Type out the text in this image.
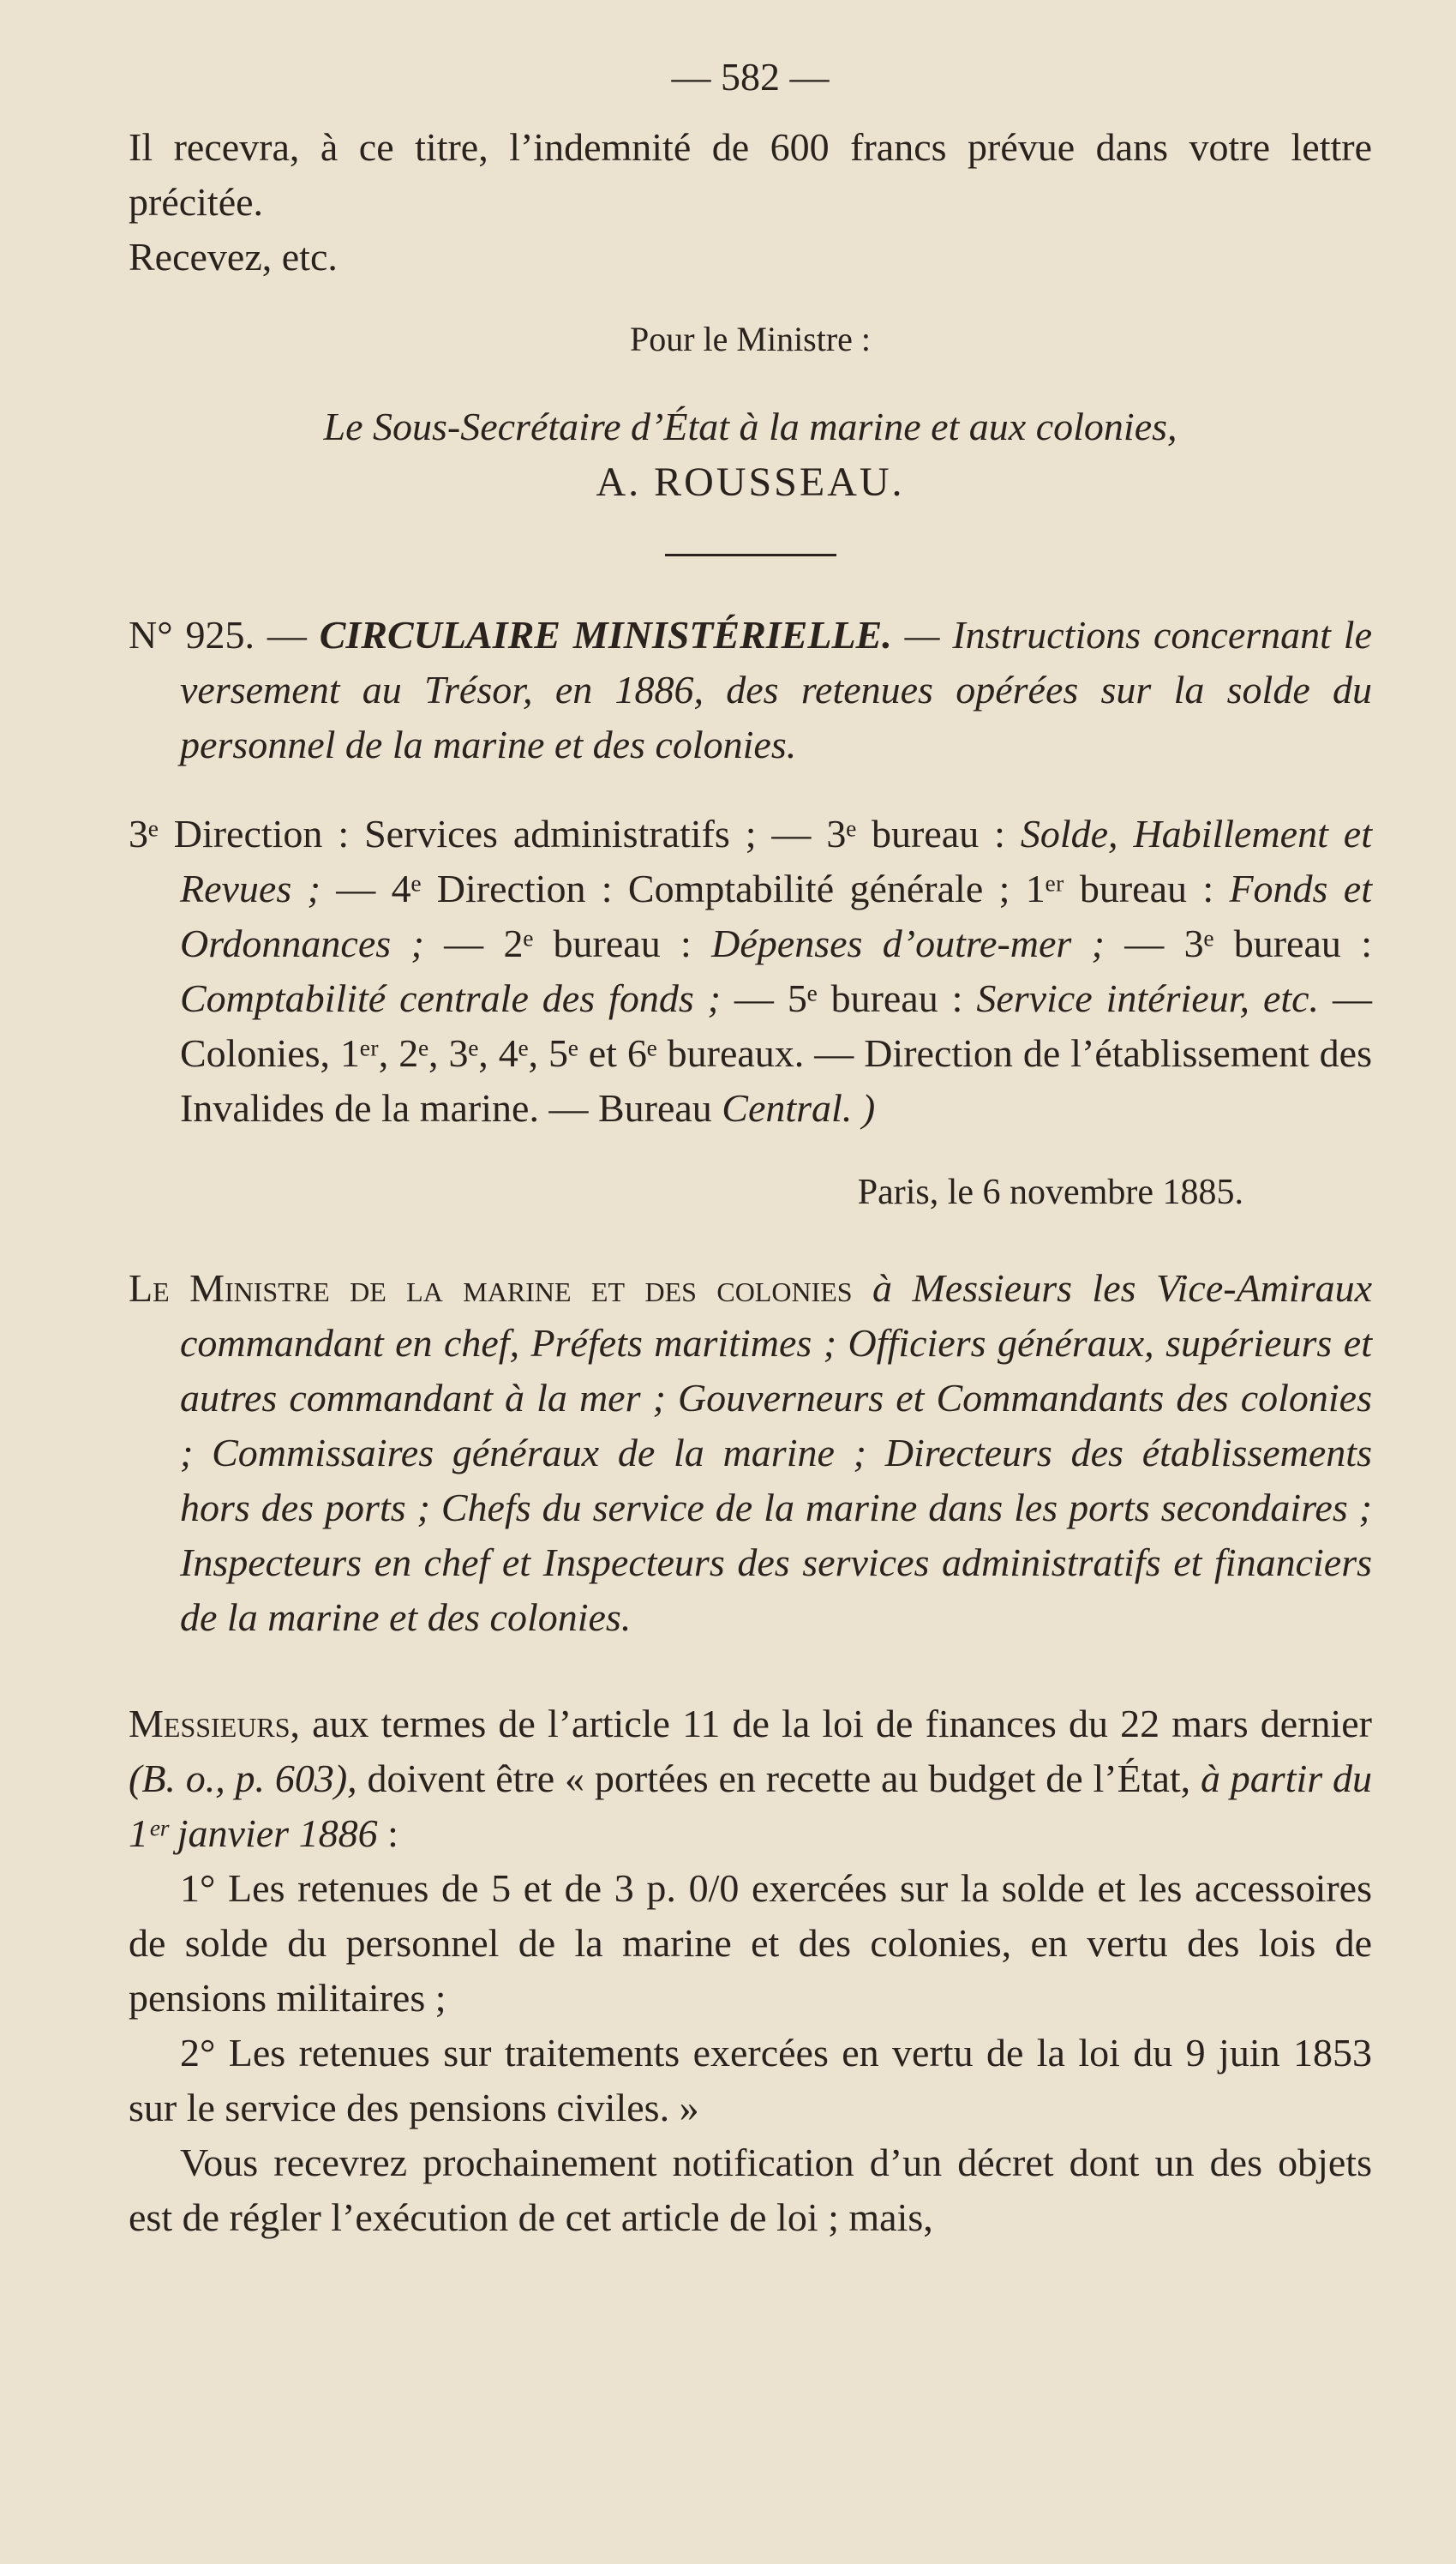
— 582 —

Il recevra, à ce titre, l’indemnité de 600 francs prévue dans votre lettre précitée.

Recevez, etc.

Pour le Ministre :

Le Sous-Secrétaire d’État à la marine et aux colonies,

A. ROUSSEAU.

N° 925. — CIRCULAIRE MINISTÉRIELLE. — Instructions concernant le versement au Trésor, en 1886, des retenues opérées sur la solde du personnel de la marine et des colonies.

3ᵉ Direction : Services administratifs ; — 3ᵉ bureau : Solde, Habillement et Revues ; — 4ᵉ Direction : Comptabilité générale ; 1ᵉʳ bureau : Fonds et Ordonnances ; — 2ᵉ bureau : Dépenses d’outre-mer ; — 3ᵉ bureau : Comptabilité centrale des fonds ; — 5ᵉ bureau : Service intérieur, etc. — Colonies, 1ᵉʳ, 2ᵉ, 3ᵉ, 4ᵉ, 5ᵉ et 6ᵉ bureaux. — Direction de l’établissement des Invalides de la marine. — Bureau Central. )

Paris, le 6 novembre 1885.

Le Ministre de la marine et des colonies à Messieurs les Vice-Amiraux commandant en chef, Préfets maritimes ; Officiers généraux, supérieurs et autres commandant à la mer ; Gouverneurs et Commandants des colonies ; Commissaires généraux de la marine ; Directeurs des établissements hors des ports ; Chefs du service de la marine dans les ports secondaires ; Inspecteurs en chef et Inspecteurs des services administratifs et financiers de la marine et des colonies.

Messieurs, aux termes de l’article 11 de la loi de finances du 22 mars dernier (B. o., p. 603), doivent être « portées en recette au budget de l’État, à partir du 1ᵉʳ janvier 1886 :

1° Les retenues de 5 et de 3 p. 0/0 exercées sur la solde et les accessoires de solde du personnel de la marine et des colonies, en vertu des lois de pensions militaires ;

2° Les retenues sur traitements exercées en vertu de la loi du 9 juin 1853 sur le service des pensions civiles. »

Vous recevrez prochainement notification d’un décret dont un des objets est de régler l’exécution de cet article de loi ; mais,
